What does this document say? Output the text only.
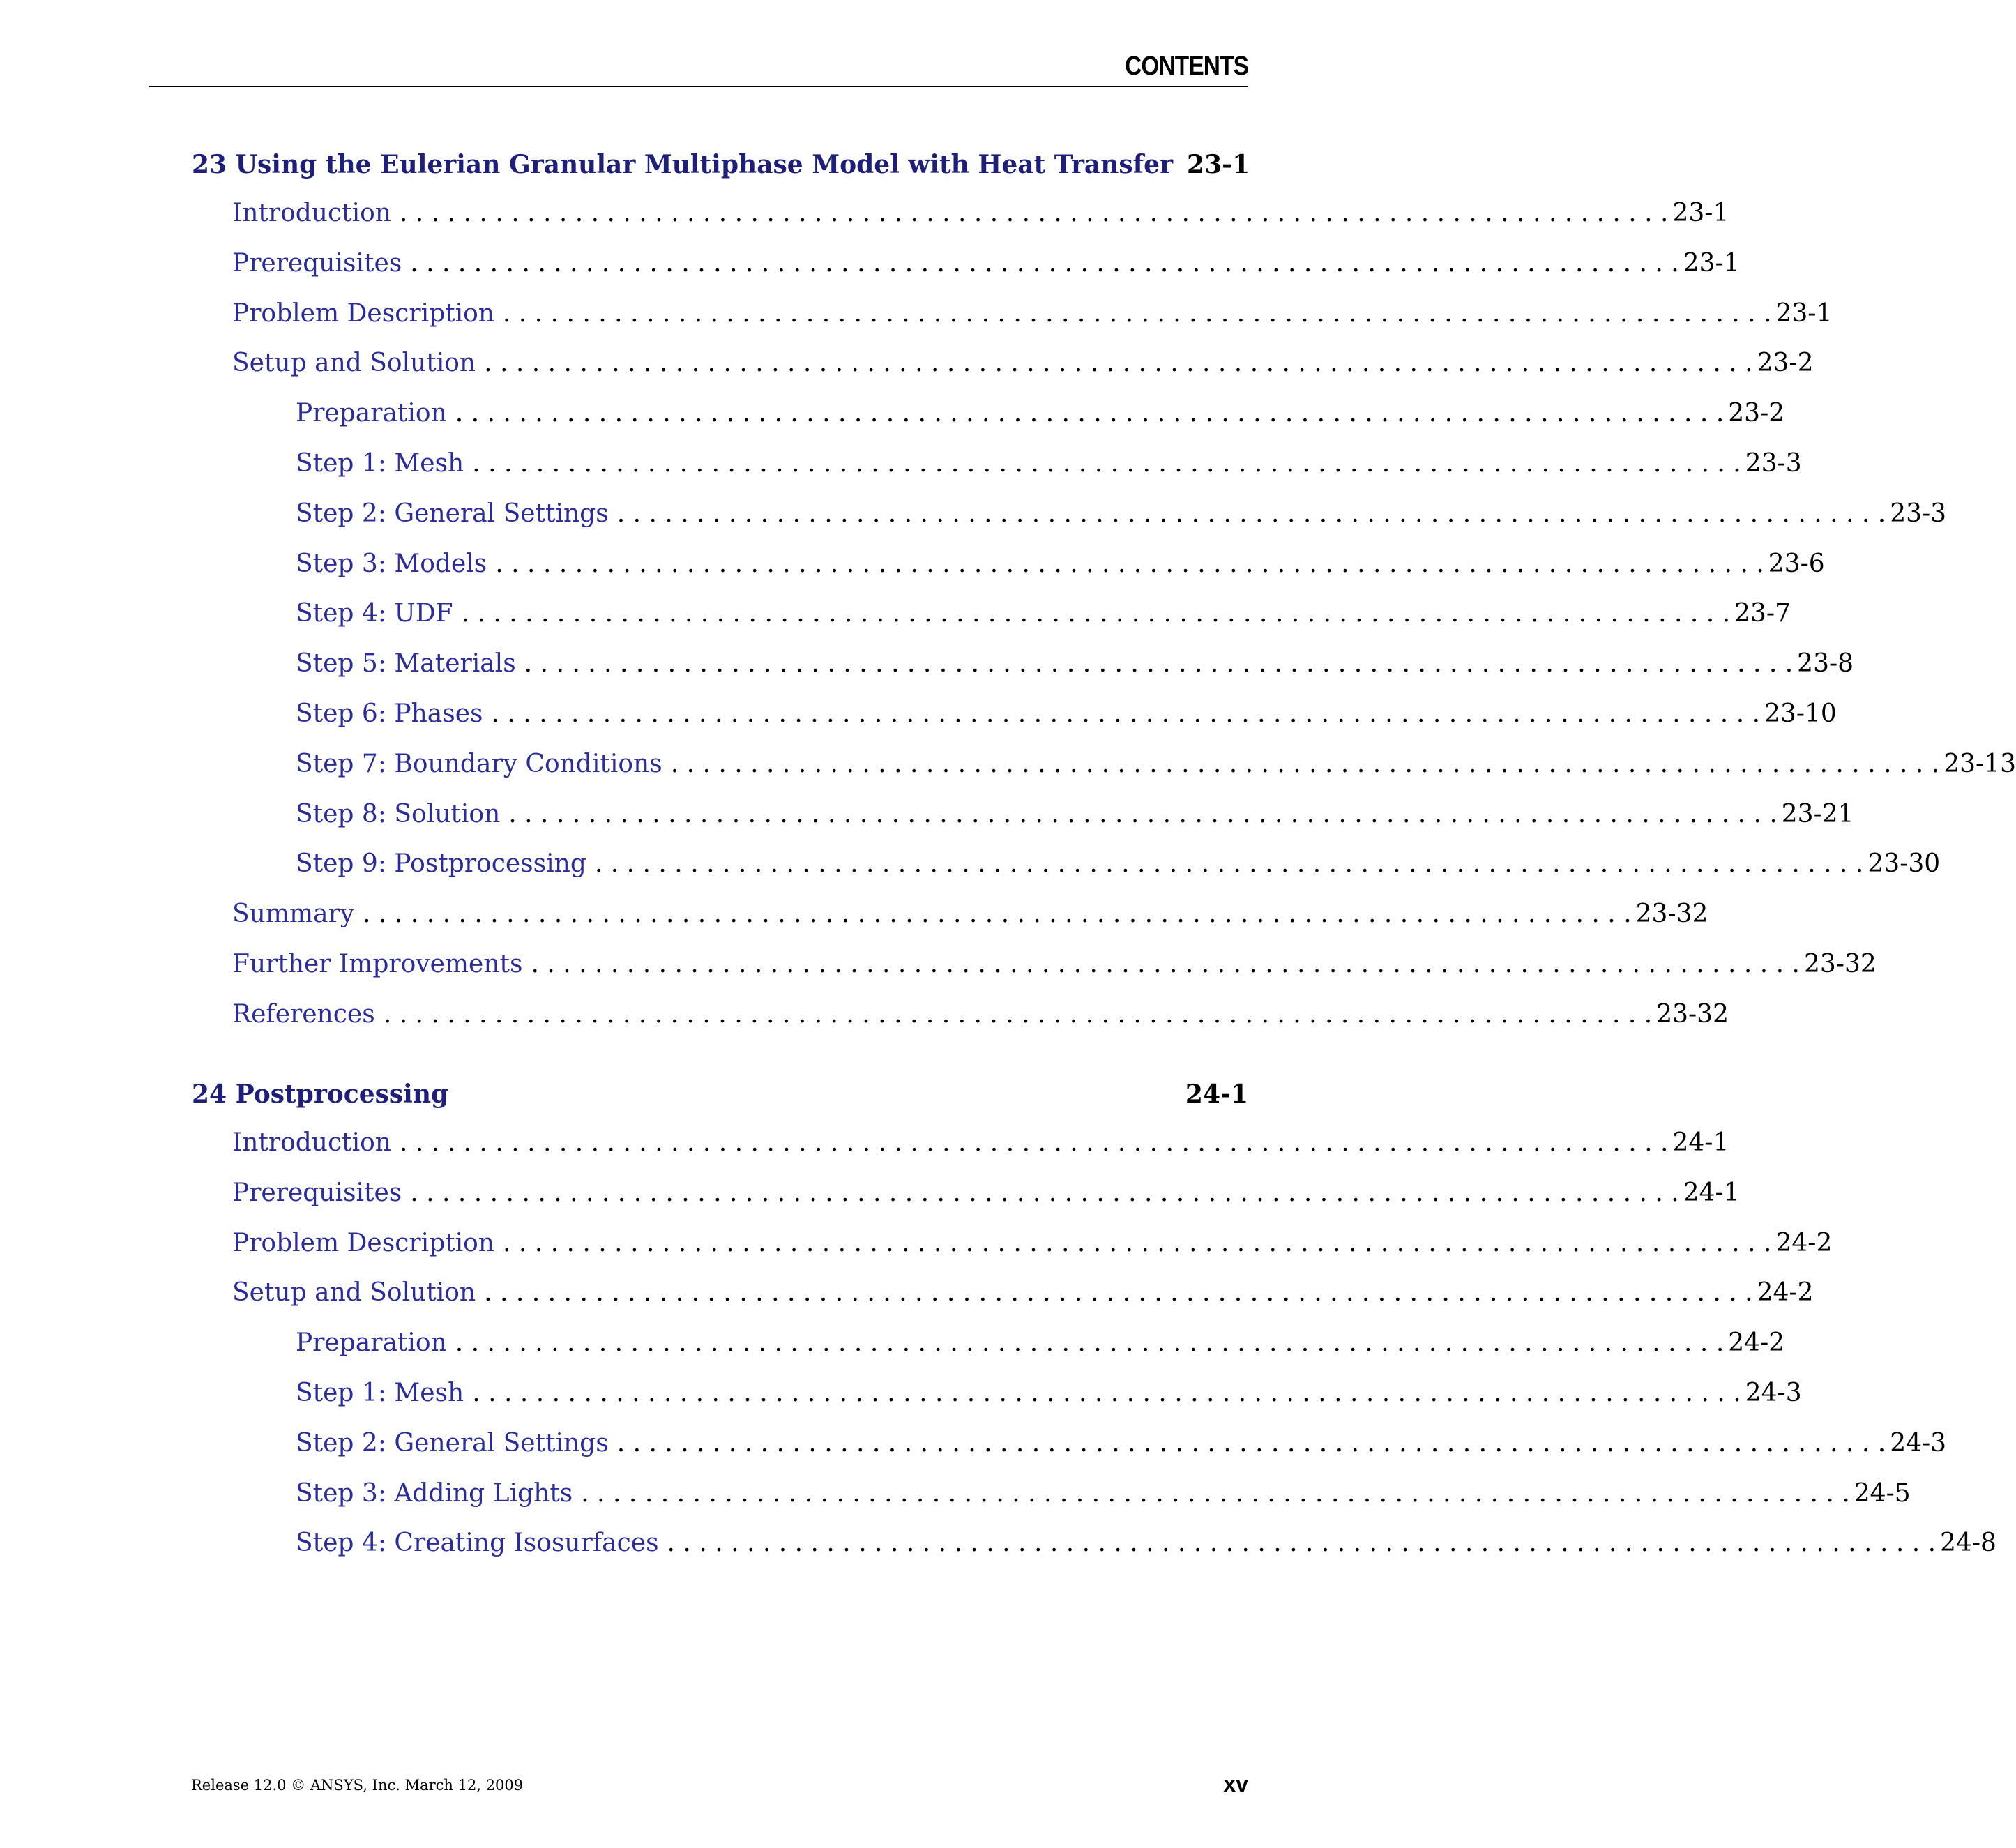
CONTENTS
23 Using the Eulerian Granular Multiphase Model with Heat Transfer 23-1
Introduction . . . . . . . . . . . . . . . . . . . . . . . . . . . . . . . . . . . . . . . . . . . . . . . . . . . . . . . . . . . . . . . . . . . . . . . . . . . . . . . . 23-1
Prerequisites . . . . . . . . . . . . . . . . . . . . . . . . . . . . . . . . . . . . . . . . . . . . . . . . . . . . . . . . . . . . . . . . . . . . . . . . . . . . . . . . 23-1
Problem Description . . . . . . . . . . . . . . . . . . . . . . . . . . . . . . . . . . . . . . . . . . . . . . . . . . . . . . . . . . . . . . . . . . . . . . . . . . . . . . . . 23-1
Setup and Solution . . . . . . . . . . . . . . . . . . . . . . . . . . . . . . . . . . . . . . . . . . . . . . . . . . . . . . . . . . . . . . . . . . . . . . . . . . . . . . . . 23-2
Preparation . . . . . . . . . . . . . . . . . . . . . . . . . . . . . . . . . . . . . . . . . . . . . . . . . . . . . . . . . . . . . . . . . . . . . . . . . . . . . . . . 23-2
Step 1: Mesh . . . . . . . . . . . . . . . . . . . . . . . . . . . . . . . . . . . . . . . . . . . . . . . . . . . . . . . . . . . . . . . . . . . . . . . . . . . . . . . . 23-3
Step 2: General Settings . . . . . . . . . . . . . . . . . . . . . . . . . . . . . . . . . . . . . . . . . . . . . . . . . . . . . . . . . . . . . . . . . . . . . . . . . . . . . . . . 23-3
Step 3: Models . . . . . . . . . . . . . . . . . . . . . . . . . . . . . . . . . . . . . . . . . . . . . . . . . . . . . . . . . . . . . . . . . . . . . . . . . . . . . . . . 23-6
Step 4: UDF . . . . . . . . . . . . . . . . . . . . . . . . . . . . . . . . . . . . . . . . . . . . . . . . . . . . . . . . . . . . . . . . . . . . . . . . . . . . . . . . 23-7
Step 5: Materials . . . . . . . . . . . . . . . . . . . . . . . . . . . . . . . . . . . . . . . . . . . . . . . . . . . . . . . . . . . . . . . . . . . . . . . . . . . . . . . . 23-8
Step 6: Phases . . . . . . . . . . . . . . . . . . . . . . . . . . . . . . . . . . . . . . . . . . . . . . . . . . . . . . . . . . . . . . . . . . . . . . . . . . . . . . . . 23-10
Step 7: Boundary Conditions . . . . . . . . . . . . . . . . . . . . . . . . . . . . . . . . . . . . . . . . . . . . . . . . . . . . . . . . . . . . . . . . . . . . . . . . . . . . . . . . 23-13
Step 8: Solution . . . . . . . . . . . . . . . . . . . . . . . . . . . . . . . . . . . . . . . . . . . . . . . . . . . . . . . . . . . . . . . . . . . . . . . . . . . . . . . . 23-21
Step 9: Postprocessing . . . . . . . . . . . . . . . . . . . . . . . . . . . . . . . . . . . . . . . . . . . . . . . . . . . . . . . . . . . . . . . . . . . . . . . . . . . . . . . . 23-30
Summary . . . . . . . . . . . . . . . . . . . . . . . . . . . . . . . . . . . . . . . . . . . . . . . . . . . . . . . . . . . . . . . . . . . . . . . . . . . . . . . . 23-32
Further Improvements . . . . . . . . . . . . . . . . . . . . . . . . . . . . . . . . . . . . . . . . . . . . . . . . . . . . . . . . . . . . . . . . . . . . . . . . . . . . . . . . 23-32
References . . . . . . . . . . . . . . . . . . . . . . . . . . . . . . . . . . . . . . . . . . . . . . . . . . . . . . . . . . . . . . . . . . . . . . . . . . . . . . . . 23-32
24 Postprocessing	24-1
Introduction . . . . . . . . . . . . . . . . . . . . . . . . . . . . . . . . . . . . . . . . . . . . . . . . . . . . . . . . . . . . . . . . . . . . . . . . . . . . . . . . 24-1
Prerequisites . . . . . . . . . . . . . . . . . . . . . . . . . . . . . . . . . . . . . . . . . . . . . . . . . . . . . . . . . . . . . . . . . . . . . . . . . . . . . . . . 24-1
Problem Description . . . . . . . . . . . . . . . . . . . . . . . . . . . . . . . . . . . . . . . . . . . . . . . . . . . . . . . . . . . . . . . . . . . . . . . . . . . . . . . . 24-2
Setup and Solution . . . . . . . . . . . . . . . . . . . . . . . . . . . . . . . . . . . . . . . . . . . . . . . . . . . . . . . . . . . . . . . . . . . . . . . . . . . . . . . . 24-2
Preparation . . . . . . . . . . . . . . . . . . . . . . . . . . . . . . . . . . . . . . . . . . . . . . . . . . . . . . . . . . . . . . . . . . . . . . . . . . . . . . . . 24-2
Step 1: Mesh . . . . . . . . . . . . . . . . . . . . . . . . . . . . . . . . . . . . . . . . . . . . . . . . . . . . . . . . . . . . . . . . . . . . . . . . . . . . . . . . 24-3
Step 2: General Settings . . . . . . . . . . . . . . . . . . . . . . . . . . . . . . . . . . . . . . . . . . . . . . . . . . . . . . . . . . . . . . . . . . . . . . . . . . . . . . . . 24-3
Step 3: Adding Lights . . . . . . . . . . . . . . . . . . . . . . . . . . . . . . . . . . . . . . . . . . . . . . . . . . . . . . . . . . . . . . . . . . . . . . . . . . . . . . . . 24-5
Step 4: Creating Isosurfaces . . . . . . . . . . . . . . . . . . . . . . . . . . . . . . . . . . . . . . . . . . . . . . . . . . . . . . . . . . . . . . . . . . . . . . . . . . . . . . . . 24-8
Release 12.0 © ANSYS, Inc. March 12, 2009	xv
